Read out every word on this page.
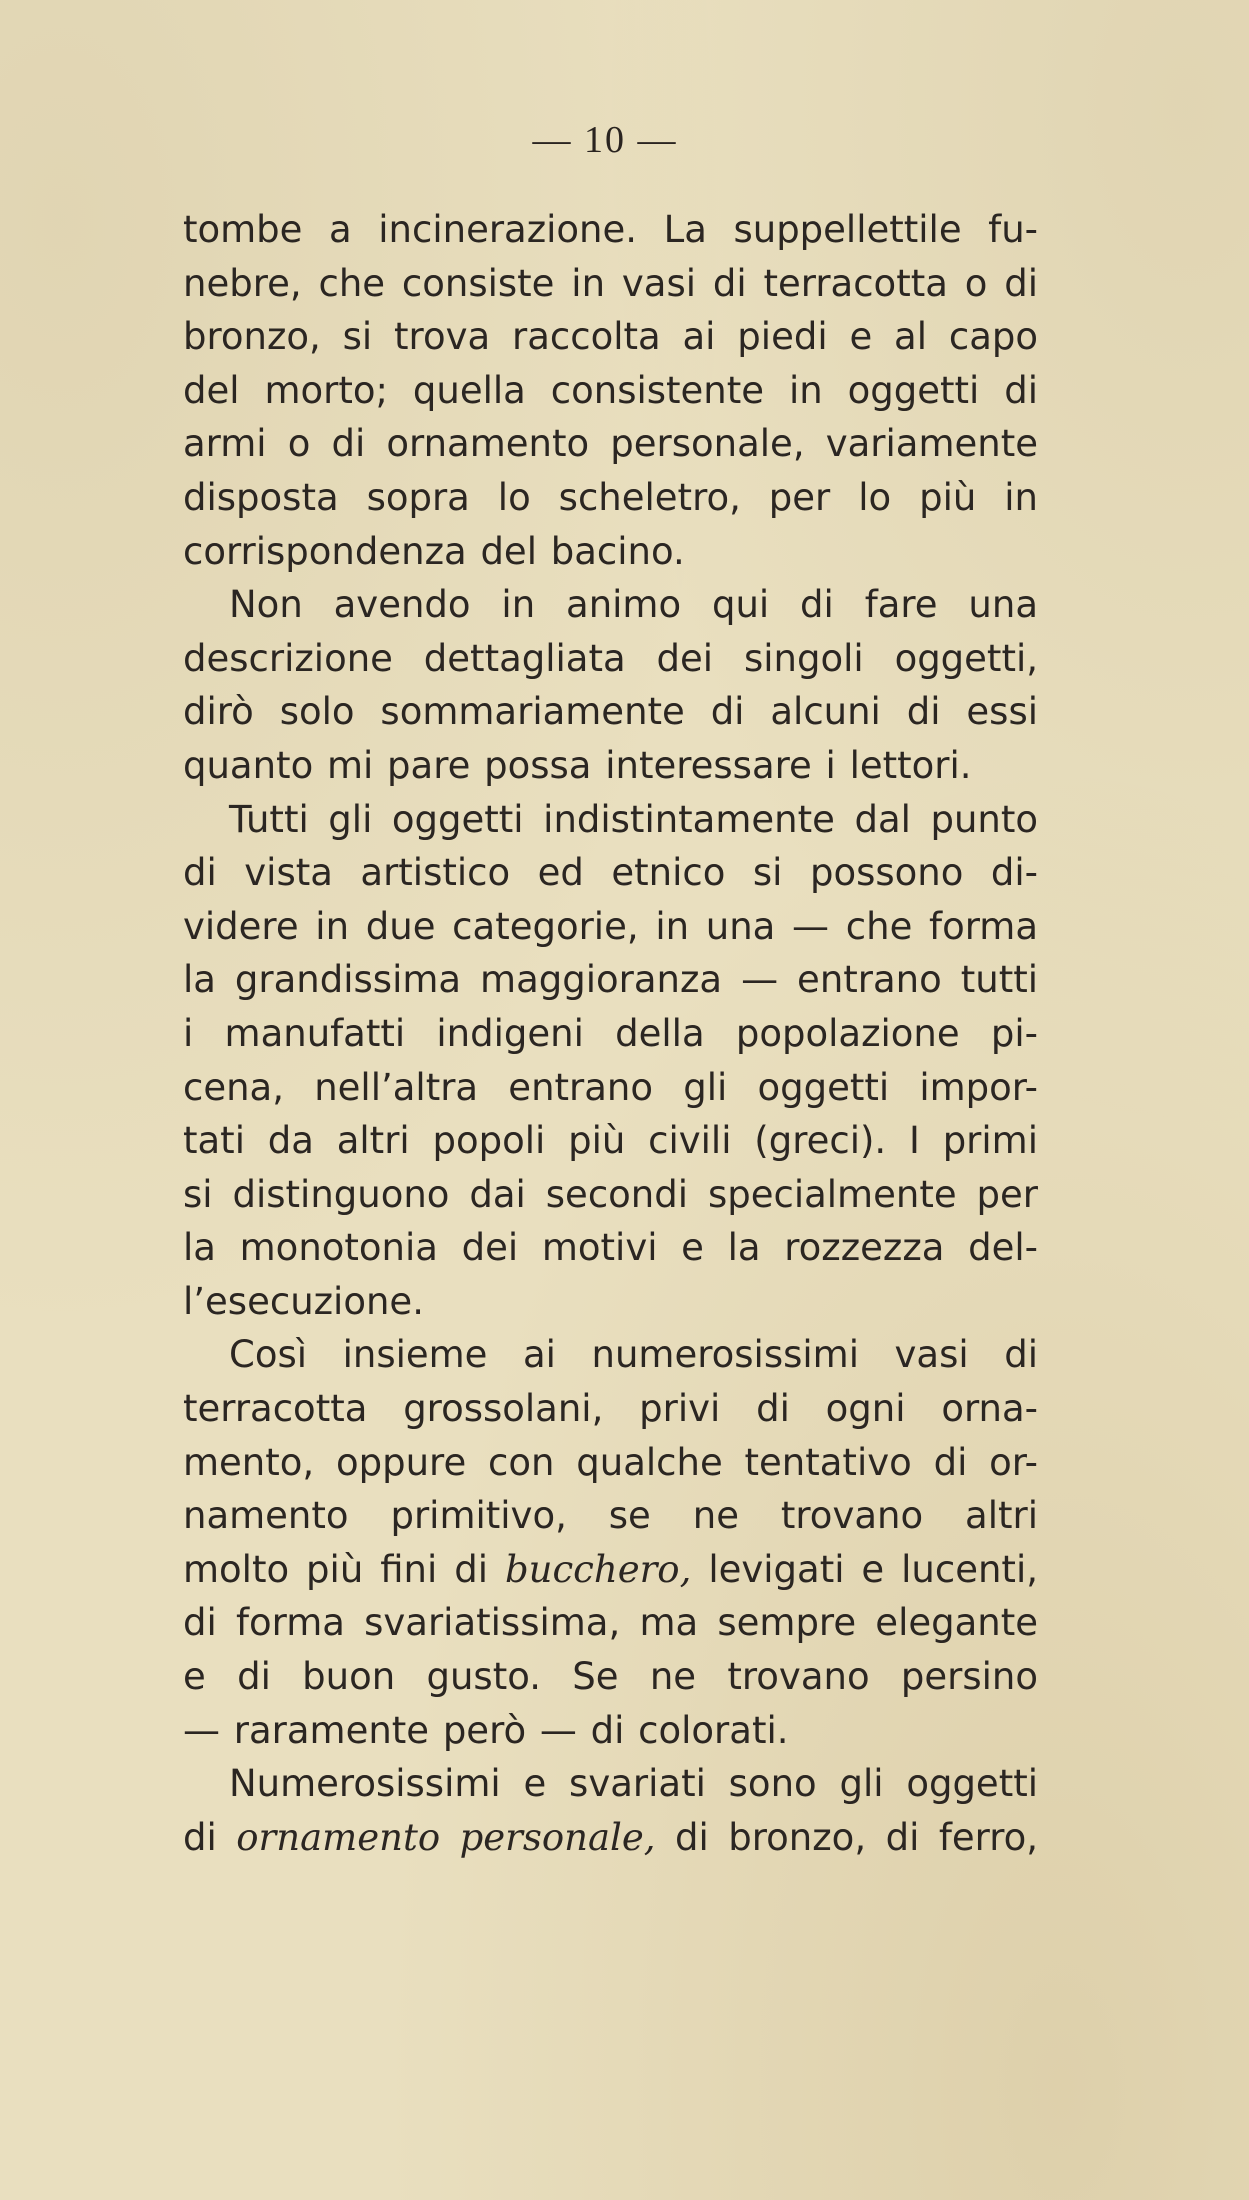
— 10 —
tombe a incinerazione. La suppellettile fu-
nebre, che consiste in vasi di terracotta o di
bronzo, si trova raccolta ai piedi e al capo
del morto; quella consistente in oggetti di
armi o di ornamento personale, variamente
disposta sopra lo scheletro, per lo più in
corrispondenza del bacino.
Non avendo in animo qui di fare una
descrizione dettagliata dei singoli oggetti,
dirò solo sommariamente di alcuni di essi
quanto mi pare possa interessare i lettori.
Tutti gli oggetti indistintamente dal punto
di vista artistico ed etnico si possono di-
videre in due categorie, in una — che forma
la grandissima maggioranza — entrano tutti
i manufatti indigeni della popolazione pi-
cena, nell’altra entrano gli oggetti impor-
tati da altri popoli più civili (greci). I primi
si distinguono dai secondi specialmente per
la monotonia dei motivi e la rozzezza del-
l’esecuzione.
Così insieme ai numerosissimi vasi di
terracotta grossolani, privi di ogni orna-
mento, oppure con qualche tentativo di or-
namento primitivo, se ne trovano altri
molto più fini di bucchero, levigati e lucenti,
di forma svariatissima, ma sempre elegante
e di buon gusto. Se ne trovano persino
— raramente però — di colorati.
Numerosissimi e svariati sono gli oggetti
di ornamento personale, di bronzo, di ferro,
